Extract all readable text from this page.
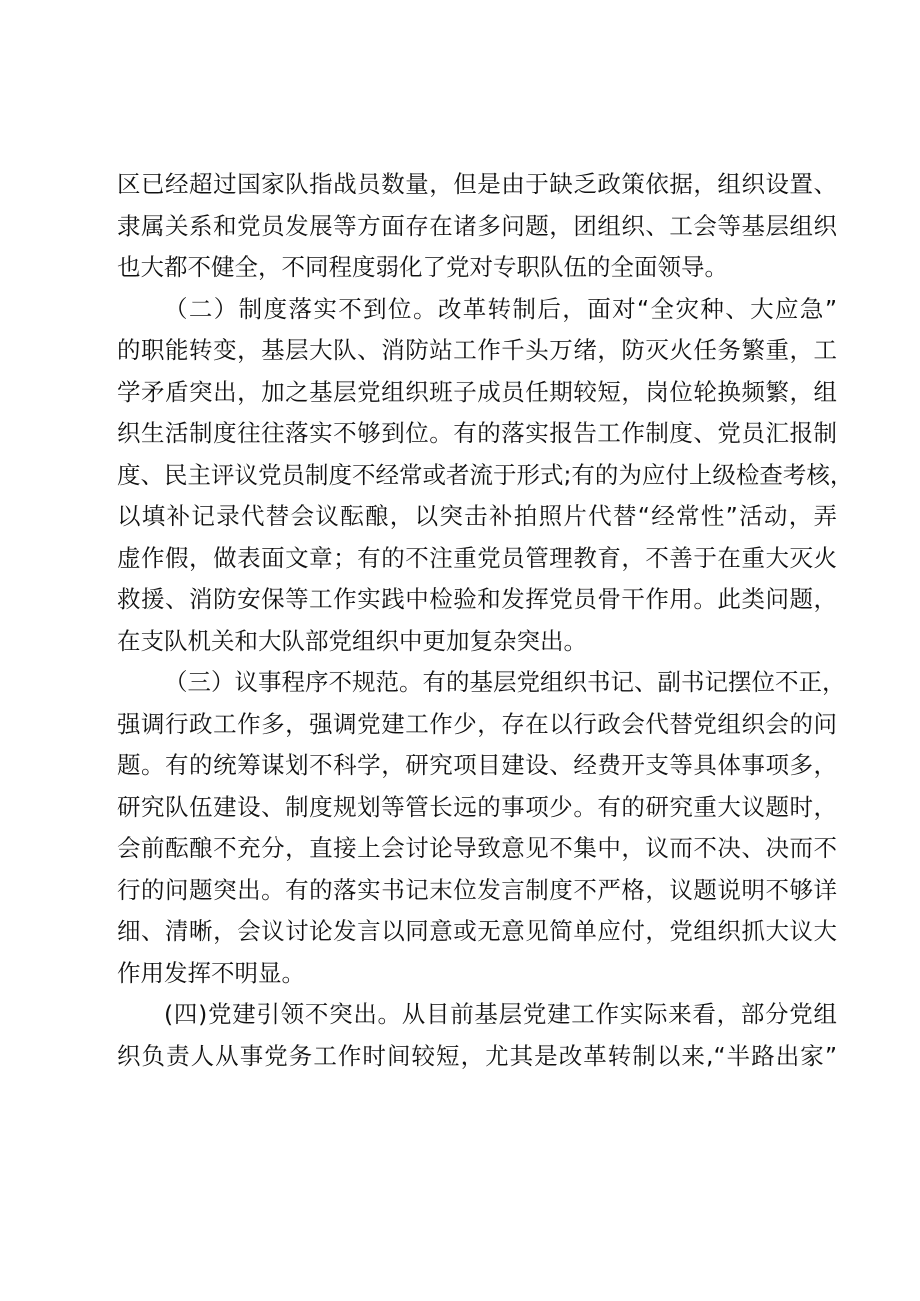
区已经超过国家队指战员数量，但是由于缺乏政策依据，组织设置、
隶属关系和党员发展等方面存在诸多问题，团组织、工会等基层组织
也大都不健全，不同程度弱化了党对专职队伍的全面领导。
（二）制度落实不到位。改革转制后，面对“全灾种、大应急”
的职能转变，基层大队、消防站工作千头万绪，防灭火任务繁重，工
学矛盾突出，加之基层党组织班子成员任期较短，岗位轮换频繁，组
织生活制度往往落实不够到位。有的落实报告工作制度、党员汇报制
度、民主评议党员制度不经常或者流于形式;有的为应付上级检查考核，
以填补记录代替会议酝酿，以突击补拍照片代替“经常性”活动，弄
虚作假，做表面文章；有的不注重党员管理教育，不善于在重大灭火
救援、消防安保等工作实践中检验和发挥党员骨干作用。此类问题，
在支队机关和大队部党组织中更加复杂突出。
（三）议事程序不规范。有的基层党组织书记、副书记摆位不正，
强调行政工作多，强调党建工作少，存在以行政会代替党组织会的问
题。有的统筹谋划不科学，研究项目建设、经费开支等具体事项多，
研究队伍建设、制度规划等管长远的事项少。有的研究重大议题时，
会前酝酿不充分，直接上会讨论导致意见不集中，议而不决、决而不
行的问题突出。有的落实书记末位发言制度不严格，议题说明不够详
细、清晰，会议讨论发言以同意或无意见简单应付，党组织抓大议大
作用发挥不明显。
(四)党建引领不突出。从目前基层党建工作实际来看，部分党组
织负责人从事党务工作时间较短，尤其是改革转制以来,“半路出家”
